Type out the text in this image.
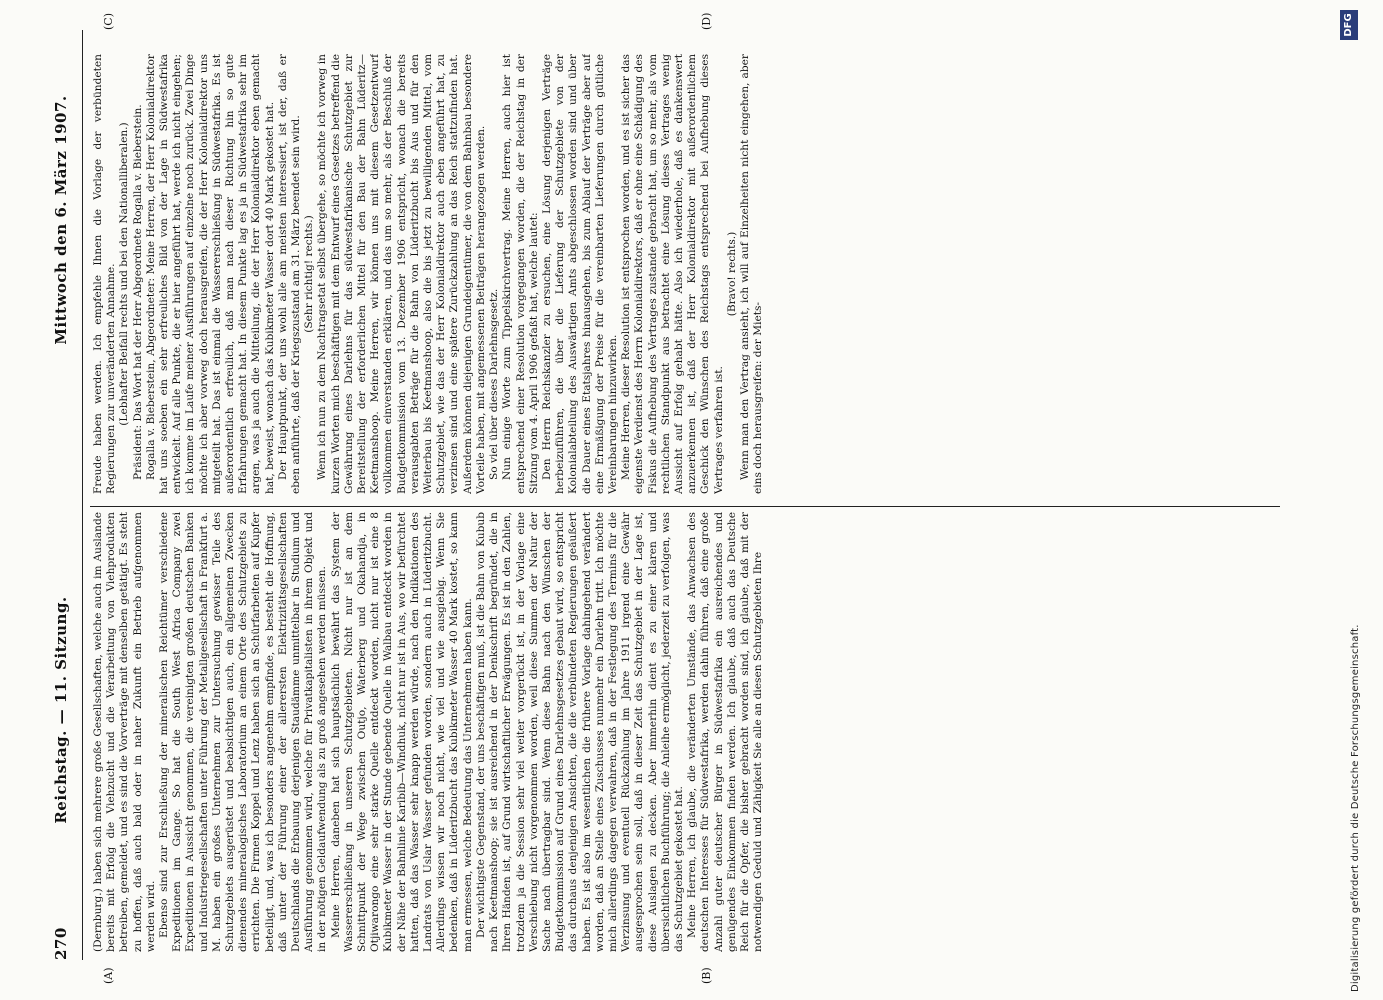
270
Reichstag. — 11. Sitzung.
Mittwoch den 6. März 1907.
(A)	(B)
(C)	(D)

(Dernburg.) haben sich mehrere große Gesellschaften, welche auch im Auslande bereits mit Erfolg die Viehzucht und die Verarbeitung von Viehprodukten betreiben, gemeldet, und es sind die Vorverträge mit denselben getätigt. Es steht zu hoffen, daß auch bald oder in naher Zukunft ein Betrieb aufgenommen werden wird. Ebenso sind zur Erschließung der mineralischen Reichtümer verschiedene Expeditionen im Gange. So hat die South West Africa Company zwei Expeditionen in Aussicht genommen, die vereinigten großen deutschen Banken und Industriegesellschaften unter Führung der Metallgesellschaft in Frankfurt a. M. haben ein großes Unternehmen zur Untersuchung gewisser Teile des Schutzgebiets ausgerüstet und beabsichtigen auch, ein allgemeinen Zwecken dienendes mineralogisches Laboratorium an einem Orte des Schutzgebiets zu errichten. Die Firmen Koppel und Lenz haben sich an Schürfarbeiten auf Kupfer beteiligt, und, was ich besonders angenehm empfinde, es besteht die Hoffnung, daß unter der Führung einer der allerersten Elektrizitätsgesellschaften Deutschlands die Erbauung derjenigen Staudämme unmittelbar in Studium und Ausführung genommen wird, welche für Privatkapitalisten in ihrem Objekt und in der nötigen Geldaufwendung als zu groß angesehen werden müssen. Meine Herren, daneben hat sich hauptsächlich bewährt das System der Wassererschließung in unseren Schutzgebieten. Nicht nur ist an dem Schnittpunkt der Wege zwischen Outjo, Waterberg und Okahandja, in Otjiwarongo eine sehr starke Quelle entdeckt worden, nicht nur ist eine 8 Kubikmeter Wasser in der Stunde gebende Quelle in Walbau entdeckt worden in der Nähe der Bahnlinie Karibib—Windhuk, nicht nur ist in Aus, wo wir befürchtet hatten, daß das Wasser sehr knapp werden würde, nach den Indikationen des Landrats von Uslar Wasser gefunden worden, sondern auch in Lüderitzbucht. Allerdings wissen wir noch nicht, wie viel und wie ausgiebig. Wenn Sie bedenken, daß in Lüderitzbucht das Kubikmeter Wasser 40 Mark kostet, so kann man ermessen, welche Bedeutung das Unternehmen haben kann. Der wichtigste Gegenstand, der uns beschäftigen muß, ist die Bahn von Kubub nach Keetmanshoop; sie ist ausreichend in der Denkschrift begründet, die in Ihren Händen ist, auf Grund wirtschaftlicher Erwägungen. Es ist in den Zahlen, trotzdem ja die Session sehr viel weiter vorgerückt ist, in der Vorlage eine Verschiebung nicht vorgenommen worden, weil diese Summen der Natur der Sache nach übertragbar sind. Wenn diese Bahn nach den Wünschen der Budgetkommission auf Grund eines Darlehnsgesetzes gebaut wird, so entspricht das durchaus denjenigen Ansichten, die die verbündeten Regierungen geäußert haben. Es ist also im wesentlichen die frühere Vorlage dahingehend verändert worden, daß an Stelle eines Zuschusses nunmehr ein Darlehn tritt. Ich möchte mich allerdings dagegen verwahren, daß in der Festlegung des Termins für die Verzinsung und eventuell Rückzahlung im Jahre 1911 irgend eine Gewähr ausgesprochen sein soll, daß in dieser Zeit das Schutzgebiet in der Lage ist, diese Auslagen zu decken. Aber immerhin dient es zu einer klaren und übersichtlichen Buchführung; die Anleihe ermöglicht, jederzeit zu verfolgen, was das Schutzgebiet gekostet hat. Meine Herren, ich glaube, die veränderten Umstände, das Anwachsen des deutschen Interesses für Südwestafrika, werden dahin führen, daß eine große Anzahl guter deutscher Bürger in Südwestafrika ein ausreichendes und genügendes Einkommen finden werden. Ich glaube, daß auch das Deutsche Reich für die Opfer, die bisher gebracht worden sind, ich glaube, daß mit der notwendigen Geduld und Zähigkeit Sie alle an diesen Schutzgebieten Ihre

Freude haben werden. Ich empfehle Ihnen die Vorlage der verbündeten Regierungen zur unveränderten Annahme. (Lebhafter Beifall rechts und bei den Nationalliberalen.) Präsident: Das Wort hat der Herr Abgeordnete Rogalla v. Bieberstein. Rogalla v. Bieberstein, Abgeordneter: Meine Herren, der Herr Kolonialdirektor hat uns soeben ein sehr erfreuliches Bild von der Lage in Südwestafrika entwickelt. Auf alle Punkte, die er hier angeführt hat, werde ich nicht eingehen; ich komme im Laufe meiner Ausführungen auf einzelne noch zurück. Zwei Dinge möchte ich aber vorweg doch herausgreifen, die der Herr Kolonialdirektor uns mitgeteilt hat. Das ist einmal die Wassererschließung in Südwestafrika. Es ist außerordentlich erfreulich, daß man nach dieser Richtung hin so gute Erfahrungen gemacht hat. In diesem Punkte lag es ja in Südwestafrika sehr im argen, was ja auch die Mitteilung, die der Herr Kolonialdirektor eben gemacht hat, beweist, wonach das Kubikmeter Wasser dort 40 Mark gekostet hat. Der Hauptpunkt, der uns wohl alle am meisten interessiert, ist der, daß er eben anführte, daß der Kriegszustand am 31. März beendet sein wird. (Sehr richtig! rechts.) Wenn ich nun zu dem Nachtragsetat selbst übergehe, so möchte ich vorweg in kurzen Worten mich beschäftigen mit dem Entwurf eines Gesetzes betreffend die Gewährung eines Darlehns für das südwestafrikanische Schutzgebiet zur Bereitstellung der erforderlichen Mittel für den Bau der Bahn Lüderitz—Keetmanshoop. Meine Herren, wir können uns mit diesem Gesetzentwurf vollkommen einverstanden erklären, und das um so mehr, als der Beschluß der Budgetkommission vom 13. Dezember 1906 entspricht, wonach die bereits verausgabten Beträge für die Bahn von Lüderitzbucht bis Aus und für den Weiterbau bis Keetmanshoop, also die bis jetzt zu bewilligenden Mittel, vom Schutzgebiet, wie das der Herr Kolonialdirektor auch eben angeführt hat, zu verzinsen sind und eine spätere Zurückzahlung an das Reich stattzufinden hat. Außerdem können diejenigen Grundeigentümer, die von dem Bahnbau besondere Vorteile haben, mit angemessenen Beiträgen herangezogen werden. So viel über dieses Darlehnsgesetz. Nun einige Worte zum Tippelskirchvertrag. Meine Herren, auch hier ist entsprechend einer Resolution vorgegangen worden, die der Reichstag in der Sitzung vom 4. April 1906 gefaßt hat, welche lautet: Den Herrn Reichskanzler zu ersuchen, eine Lösung derjenigen Verträge herbeizuführen, die über die Lieferung der Schutzgebiete von der Kolonialabteilung des Auswärtigen Amts abgeschlossen worden sind und über die Dauer eines Etatsjahres hinausgehen, bis zum Ablauf der Verträge aber auf eine Ermäßigung der Preise für die vereinbarten Lieferungen durch gütliche Vereinbarungen hinzuwirken. Meine Herren, dieser Resolution ist entsprochen worden, und es ist sicher das eigenste Verdienst des Herrn Kolonialdirektors, daß er ohne eine Schädigung des Fiskus die Aufhebung des Vertrages zustande gebracht hat, um so mehr, als vom rechtlichen Standpunkt aus betrachtet eine Lösung dieses Vertrages wenig Aussicht auf Erfolg gehabt hätte. Also ich wiederhole, daß es dankenswert anzuerkennen ist, daß der Herr Kolonialdirektor mit außerordentlichem Geschick den Wünschen des Reichstags entsprechend bei Aufhebung dieses Vertrages verfahren ist.

(Bravo! rechts.) Wenn man den Vertrag ansieht, ich will auf Einzelheiten nicht eingehen, aber eins doch herausgreifen: der Miets-

Digitalisierung gefördert durch die Deutsche Forschungsgemeinschaft.
DFG
